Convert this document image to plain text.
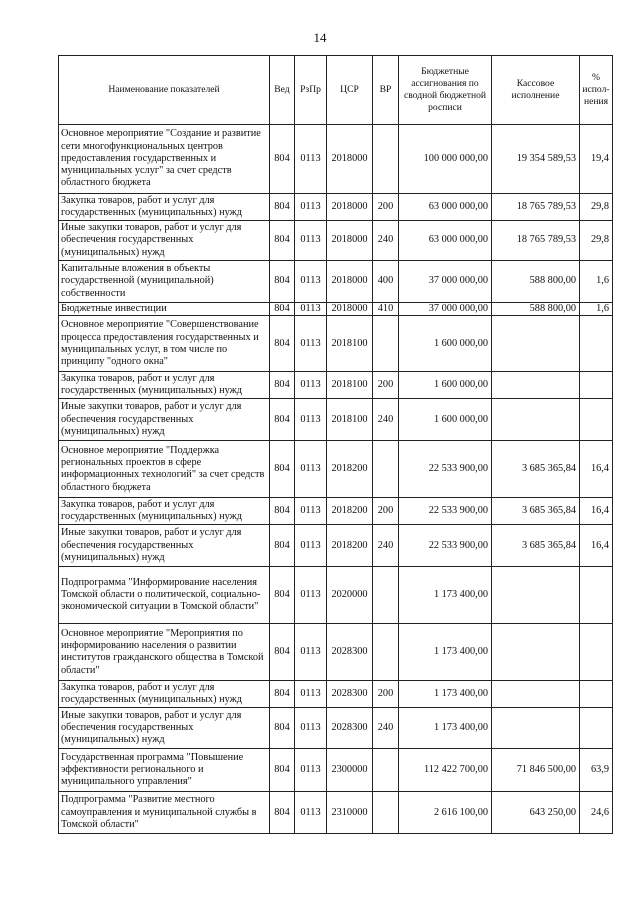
14
Наименование показателей	Вед	РзПр	ЦСР	ВР	Бюджетные ассигнования по сводной бюджетной росписи	Кассовое исполнение	% испол-нения
Основное мероприятие "Создание и развитие сети многофункциональных центров предоставления государственных и муниципальных услуг" за счет средств областного бюджета	804	0113	2018000		100 000 000,00	19 354 589,53	19,4
Закупка товаров, работ и услуг для государственных (муниципальных) нужд	804	0113	2018000	200	63 000 000,00	18 765 789,53	29,8
Иные закупки товаров, работ и услуг для обеспечения государственных (муниципальных) нужд	804	0113	2018000	240	63 000 000,00	18 765 789,53	29,8
Капитальные вложения в объекты государственной (муниципальной) собственности	804	0113	2018000	400	37 000 000,00	588 800,00	1,6
Бюджетные инвестиции	804	0113	2018000	410	37 000 000,00	588 800,00	1,6
Основное мероприятие "Совершенствование процесса предоставления государственных и муниципальных услуг, в том числе по принципу "одного окна"	804	0113	2018100		1 600 000,00		
Закупка товаров, работ и услуг для государственных (муниципальных) нужд	804	0113	2018100	200	1 600 000,00		
Иные закупки товаров, работ и услуг для обеспечения государственных (муниципальных) нужд	804	0113	2018100	240	1 600 000,00		
Основное мероприятие "Поддержка региональных проектов в сфере информационных технологий" за счет средств областного бюджета	804	0113	2018200		22 533 900,00	3 685 365,84	16,4
Закупка товаров, работ и услуг для государственных (муниципальных) нужд	804	0113	2018200	200	22 533 900,00	3 685 365,84	16,4
Иные закупки товаров, работ и услуг для обеспечения государственных (муниципальных) нужд	804	0113	2018200	240	22 533 900,00	3 685 365,84	16,4
Подпрограмма "Информирование населения Томской области о политической, социально-экономической ситуации в Томской области"	804	0113	2020000		1 173 400,00		
Основное мероприятие "Мероприятия по информированию населения о развитии институтов гражданского общества в Томской области"	804	0113	2028300		1 173 400,00		
Закупка товаров, работ и услуг для государственных (муниципальных) нужд	804	0113	2028300	200	1 173 400,00		
Иные закупки товаров, работ и услуг для обеспечения государственных (муниципальных) нужд	804	0113	2028300	240	1 173 400,00		
Государственная программа "Повышение эффективности регионального и муниципального управления"	804	0113	2300000		112 422 700,00	71 846 500,00	63,9
Подпрограмма "Развитие местного самоуправления и муниципальной службы в Томской области"	804	0113	2310000		2 616 100,00	643 250,00	24,6
